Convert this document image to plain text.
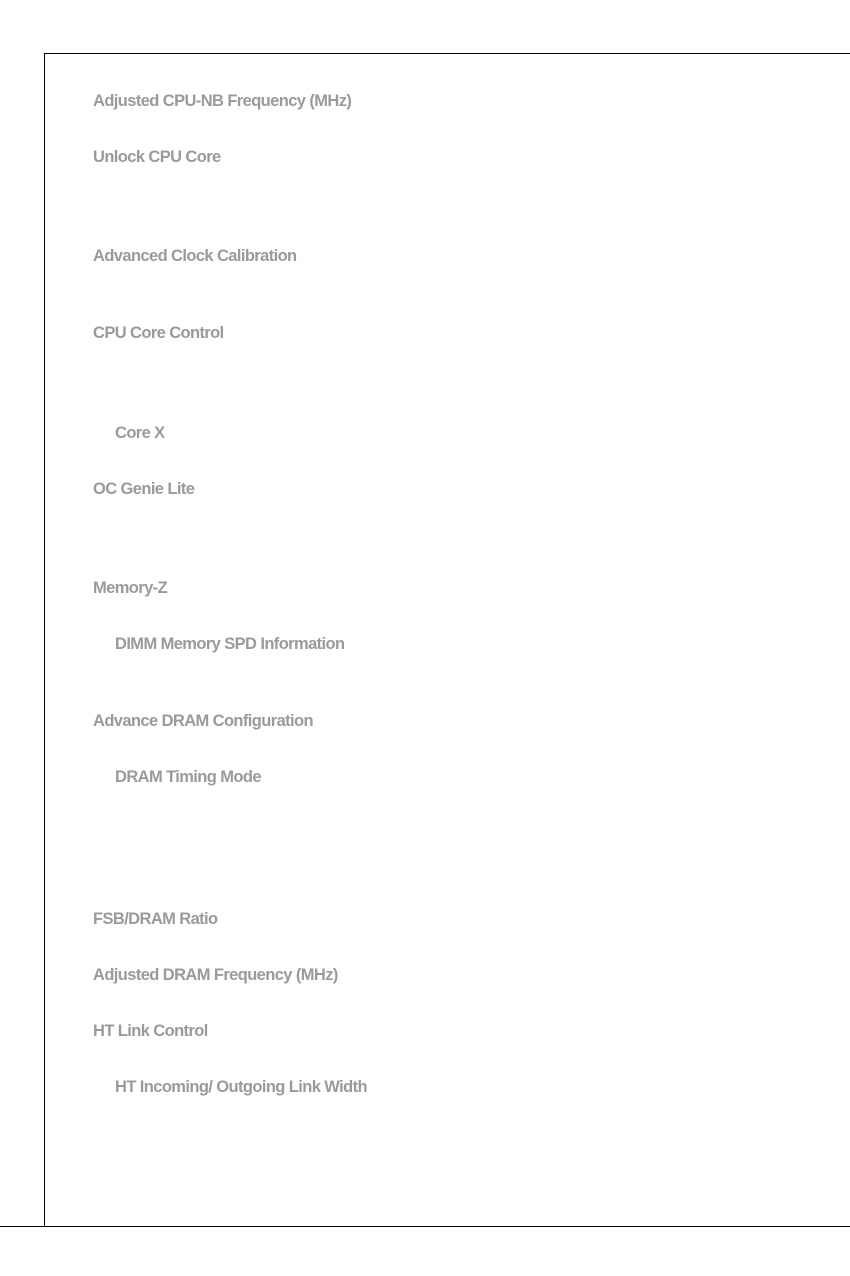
Adjusted CPU-NB Frequency (MHz)

Unlock CPU Core

Advanced Clock Calibration

CPU Core Control

Core X

OC Genie Lite

Memory-Z

DIMM Memory SPD Information

Advance DRAM Configuration

DRAM Timing Mode

FSB/DRAM Ratio

Adjusted DRAM Frequency (MHz)

HT Link Control

HT Incoming/ Outgoing Link Width
